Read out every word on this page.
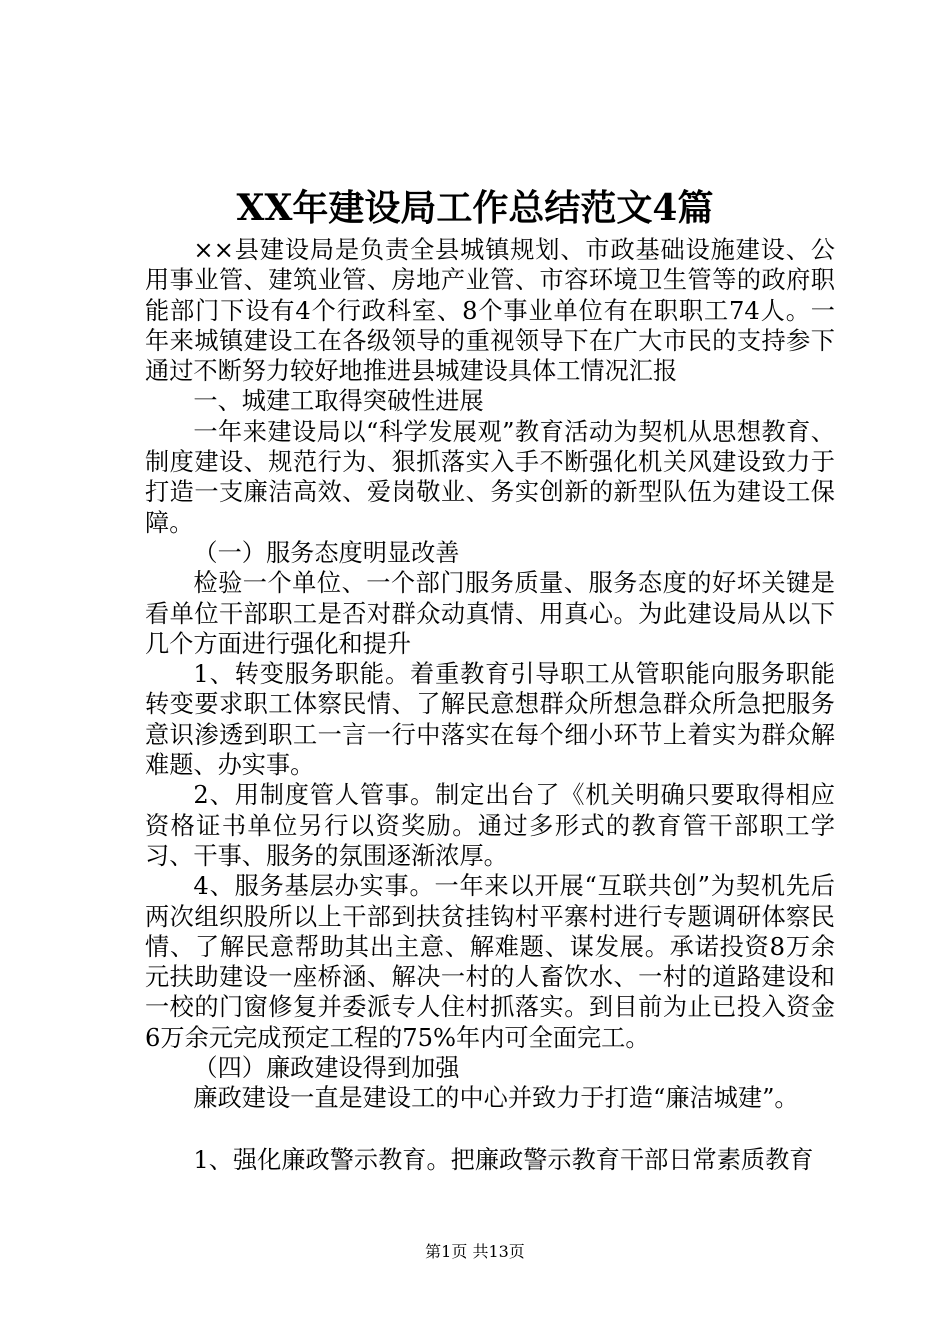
XX年建设局工作总结范文4篇

××县建设局是负责全县城镇规划、市政基础设施建设、公用事业管、建筑业管、房地产业管、市容环境卫生管等的政府职能部门下设有4个行政科室、8个事业单位有在职职工74人。一年来城镇建设工在各级领导的重视领导下在广大市民的支持参下通过不断努力较好地推进县城建设具体工情况汇报

一、城建工取得突破性进展

一年来建设局以“科学发展观”教育活动为契机从思想教育、制度建设、规范行为、狠抓落实入手不断强化机关风建设致力于打造一支廉洁高效、爱岗敬业、务实创新的新型队伍为建设工保障。

（一）服务态度明显改善

检验一个单位、一个部门服务质量、服务态度的好坏关键是看单位干部职工是否对群众动真情、用真心。为此建设局从以下几个方面进行强化和提升

1、转变服务职能。着重教育引导职工从管职能向服务职能转变要求职工体察民情、了解民意想群众所想急群众所急把服务意识渗透到职工一言一行中落实在每个细小环节上着实为群众解难题、办实事。

2、用制度管人管事。制定出台了《机关明确只要取得相应资格证书单位另行以资奖励。通过多形式的教育管干部职工学习、干事、服务的氛围逐渐浓厚。

4、服务基层办实事。一年来以开展“互联共创”为契机先后两次组织股所以上干部到扶贫挂钩村平寨村进行专题调研体察民情、了解民意帮助其出主意、解难题、谋发展。承诺投资8万余元扶助建设一座桥涵、解决一村的人畜饮水、一村的道路建设和一校的门窗修复并委派专人住村抓落实。到目前为止已投入资金6万余元完成预定工程的75%年内可全面完工。

（四）廉政建设得到加强

廉政建设一直是建设工的中心并致力于打造“廉洁城建”。

1、强化廉政警示教育。把廉政警示教育干部日常素质教育

第1页 共13页
